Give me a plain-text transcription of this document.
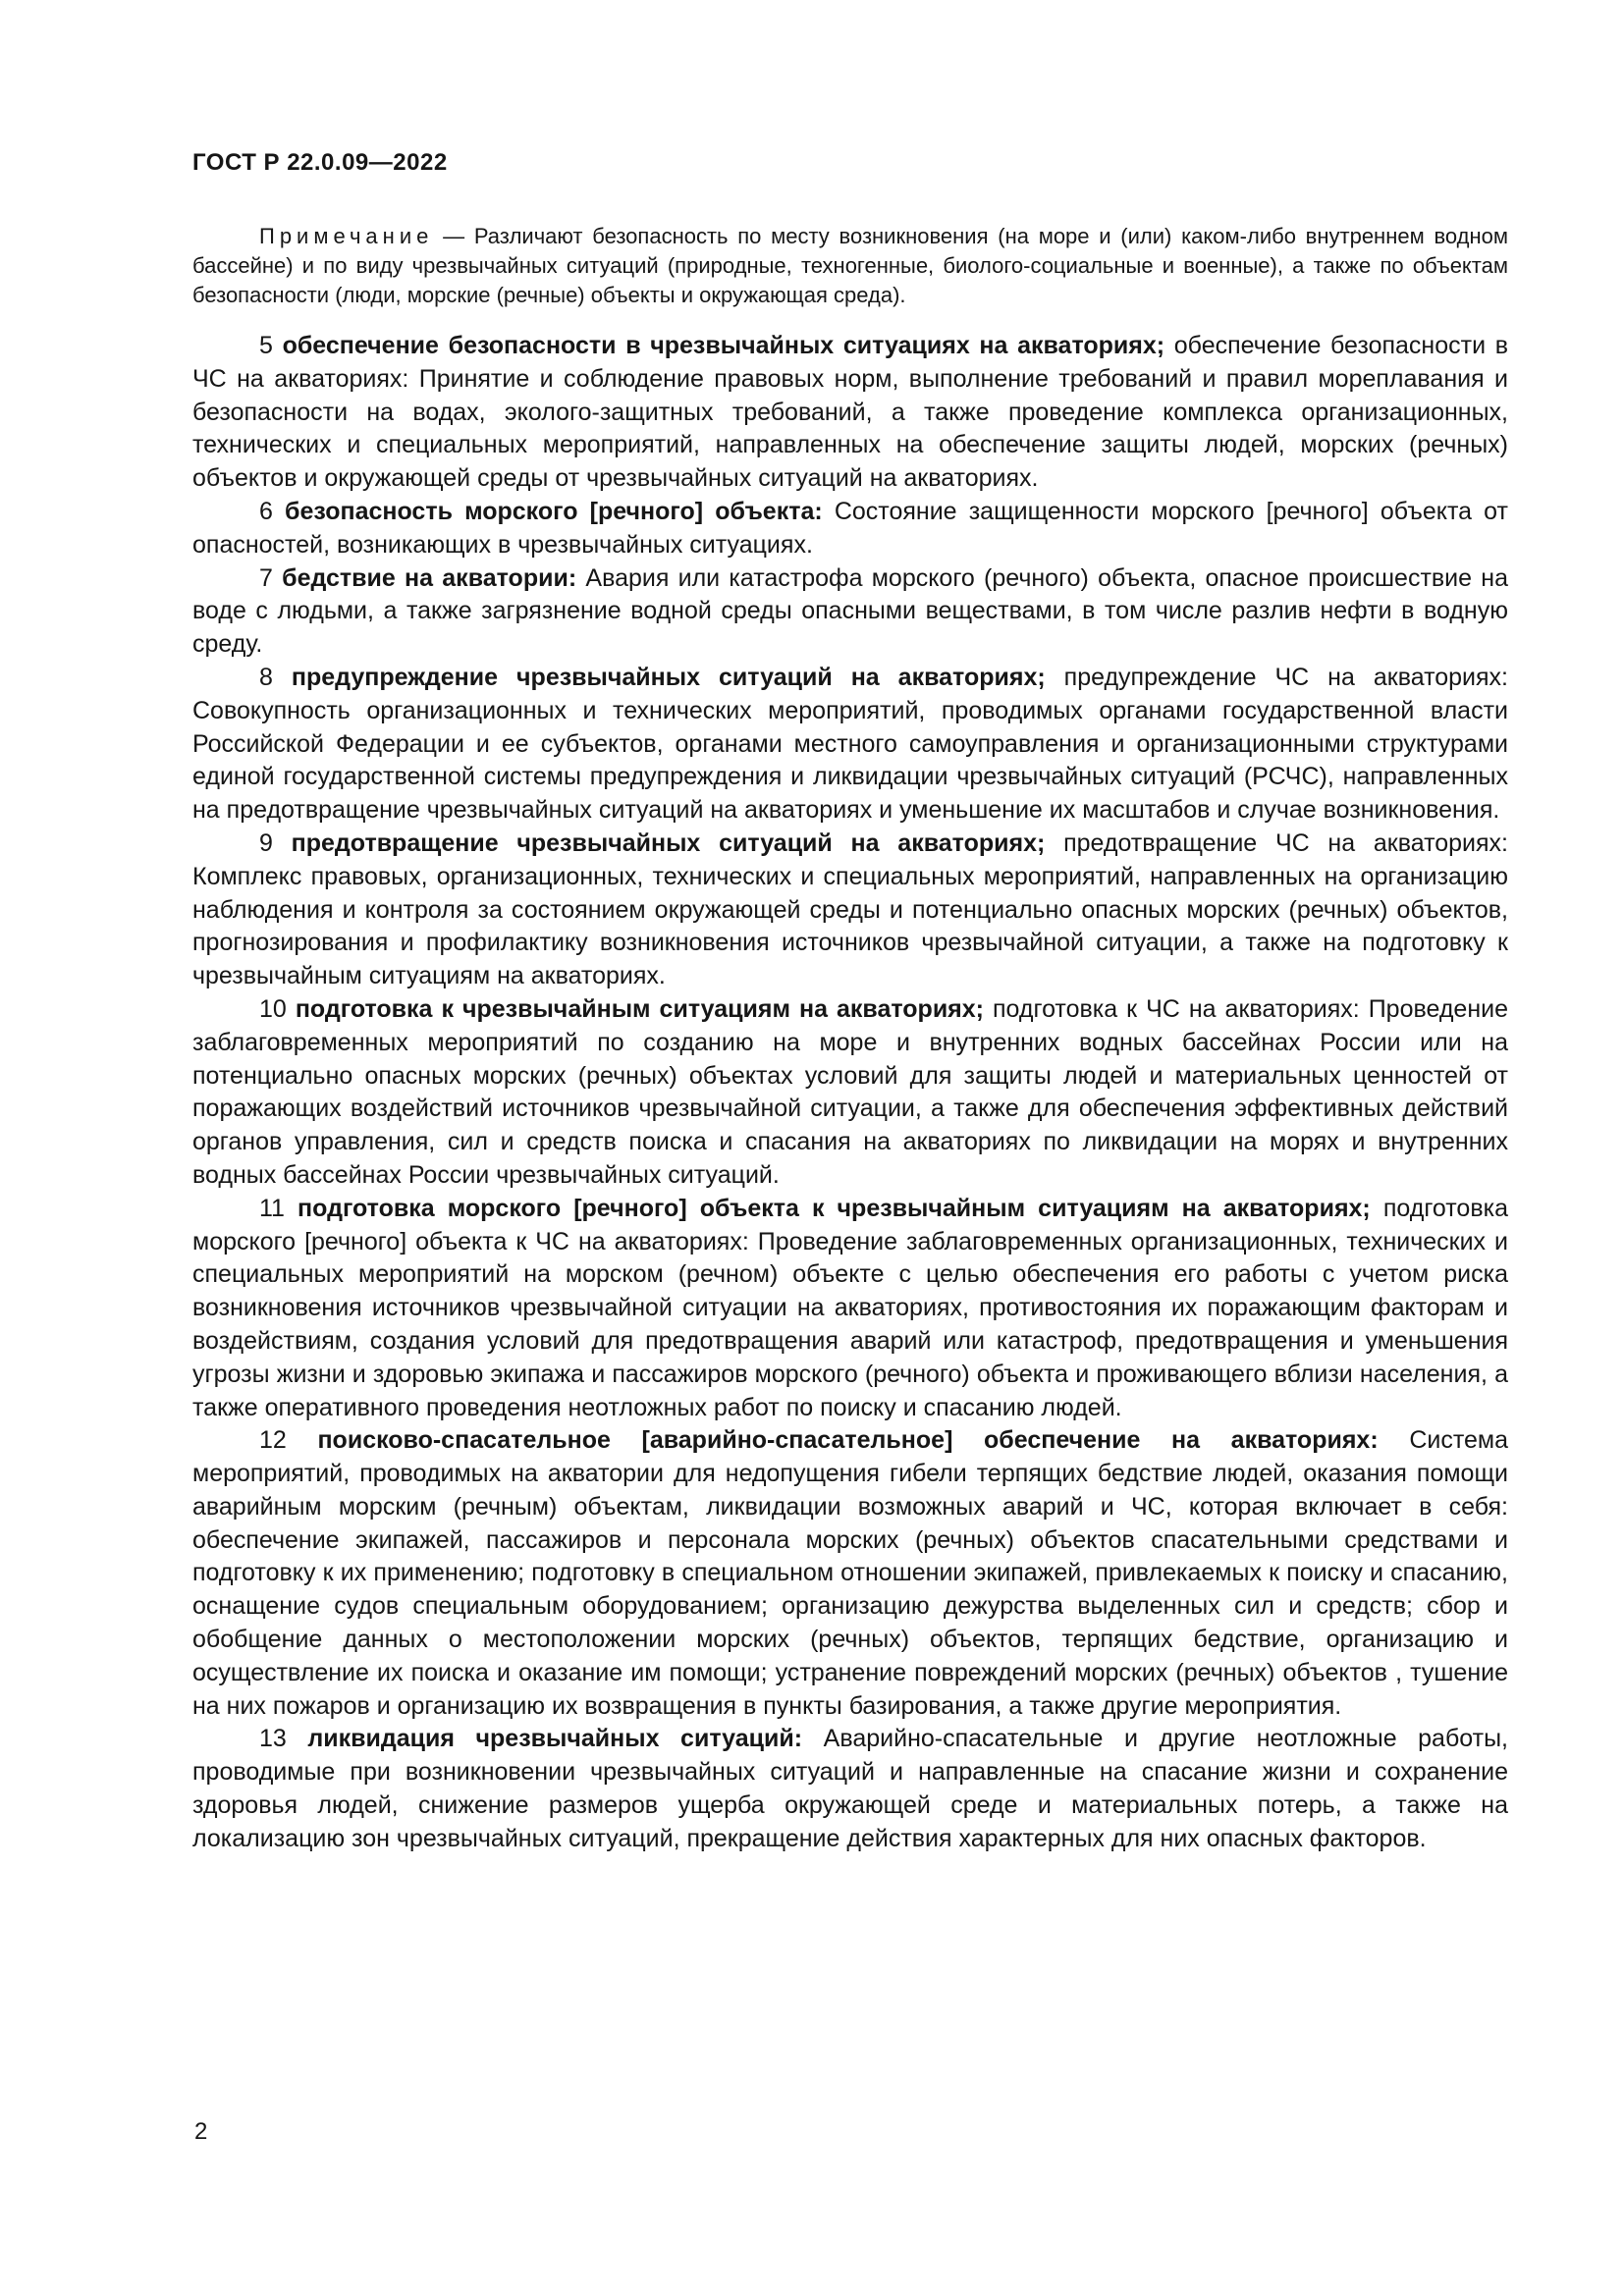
ГОСТ Р 22.0.09—2022

Примечание — Различают безопасность по месту возникновения (на море и (или) каком-либо внутреннем водном бассейне) и по виду чрезвычайных ситуаций (природные, техногенные, биолого-социальные и военные), а также по объектам безопасности (люди, морские (речные) объекты и окружающая среда).

5 обеспечение безопасности в чрезвычайных ситуациях на акваториях; обеспечение безопасности в ЧС на акваториях: Принятие и соблюдение правовых норм, выполнение требований и правил мореплавания и безопасности на водах, эколого-защитных требований, а также проведение комплекса организационных, технических и специальных мероприятий, направленных на обеспечение защиты людей, морских (речных) объектов и окружающей среды от чрезвычайных ситуаций на акваториях.

6 безопасность морского [речного] объекта: Состояние защищенности морского [речного] объекта от опасностей, возникающих в чрезвычайных ситуациях.

7 бедствие на акватории: Авария или катастрофа морского (речного) объекта, опасное происшествие на воде с людьми, а также загрязнение водной среды опасными веществами, в том числе разлив нефти в водную среду.

8 предупреждение чрезвычайных ситуаций на акваториях; предупреждение ЧС на акваториях: Совокупность организационных и технических мероприятий, проводимых органами государственной власти Российской Федерации и ее субъектов, органами местного самоуправления и организационными структурами единой государственной системы предупреждения и ликвидации чрезвычайных ситуаций (РСЧС), направленных на предотвращение чрезвычайных ситуаций на акваториях и уменьшение их масштабов и случае возникновения.

9 предотвращение чрезвычайных ситуаций на акваториях; предотвращение ЧС на акваториях: Комплекс правовых, организационных, технических и специальных мероприятий, направленных на организацию наблюдения и контроля за состоянием окружающей среды и потенциально опасных морских (речных) объектов, прогнозирования и профилактику возникновения источников чрезвычайной ситуации, а также на подготовку к чрезвычайным ситуациям на акваториях.

10 подготовка к чрезвычайным ситуациям на акваториях; подготовка к ЧС на акваториях: Проведение заблаговременных мероприятий по созданию на море и внутренних водных бассейнах России или на потенциально опасных морских (речных) объектах условий для защиты людей и материальных ценностей от поражающих воздействий источников чрезвычайной ситуации, а также для обеспечения эффективных действий органов управления, сил и средств поиска и спасания на акваториях по ликвидации на морях и внутренних водных бассейнах России чрезвычайных ситуаций.

11 подготовка морского [речного] объекта к чрезвычайным ситуациям на акваториях; подготовка морского [речного] объекта к ЧС на акваториях: Проведение заблаговременных организационных, технических и специальных мероприятий на морском (речном) объекте с целью обеспечения его работы с учетом риска возникновения источников чрезвычайной ситуации на акваториях, противостояния их поражающим факторам и воздействиям, создания условий для предотвращения аварий или катастроф, предотвращения и уменьшения угрозы жизни и здоровью экипажа и пассажиров морского (речного) объекта и проживающего вблизи населения, а также оперативного проведения неотложных работ по поиску и спасанию людей.

12 поисково-спасательное [аварийно-спасательное] обеспечение на акваториях: Система мероприятий, проводимых на акватории для недопущения гибели терпящих бедствие людей, оказания помощи аварийным морским (речным) объектам, ликвидации возможных аварий и ЧС, которая включает в себя: обеспечение экипажей, пассажиров и персонала морских (речных) объектов спасательными средствами и подготовку к их применению; подготовку в специальном отношении экипажей, привлекаемых к поиску и спасанию, оснащение судов специальным оборудованием; организацию дежурства выделенных сил и средств; сбор и обобщение данных о местоположении морских (речных) объектов, терпящих бедствие, организацию и осуществление их поиска и оказание им помощи; устранение повреждений морских (речных) объектов , тушение на них пожаров и организацию их возвращения в пункты базирования, а также другие мероприятия.

13 ликвидация чрезвычайных ситуаций: Аварийно-спасательные и другие неотложные работы, проводимые при возникновении чрезвычайных ситуаций и направленные на спасание жизни и сохранение здоровья людей, снижение размеров ущерба окружающей среде и материальных потерь, а также на локализацию зон чрезвычайных ситуаций, прекращение действия характерных для них опасных факторов.

2
